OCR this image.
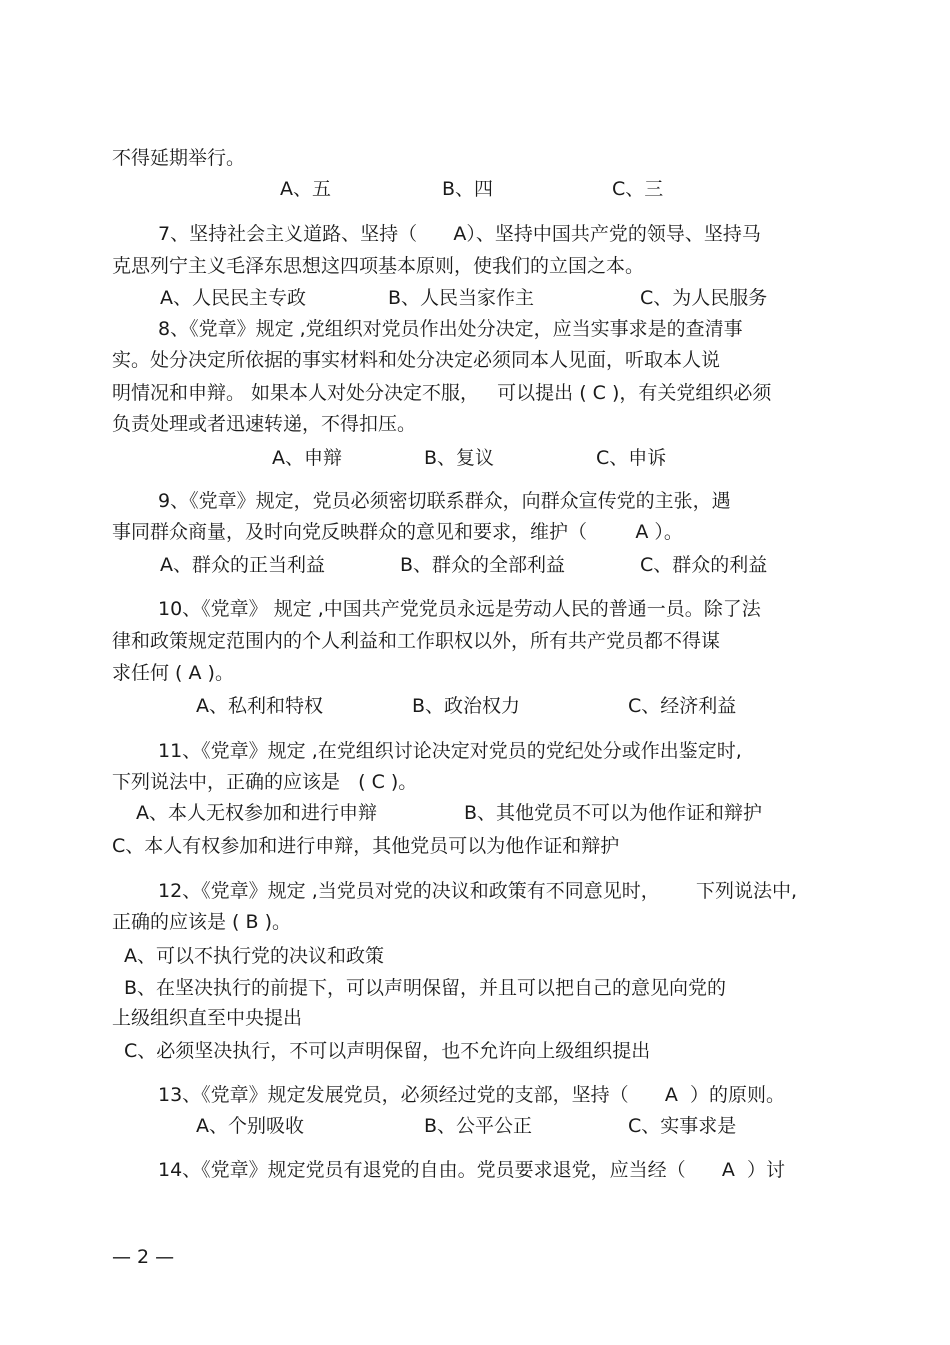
不得延期举行。
A、五	B、四	C、三
7、坚持社会主义道路、坚持（      A）、坚持中国共产党的领导、坚持马
克思列宁主义毛泽东思想这四项基本原则，使我们的立国之本。
A、人民民主专政	B、人民当家作主	C、为人民服务
8、《党章》规定 ,党组织对党员作出处分决定，应当实事求是的查清事
实。处分决定所依据的事实材料和处分决定必须同本人见面，听取本人说
明情况和申辩。 如果本人对处分决定不服，   可以提出 ( C )，有关党组织必须
负责处理或者迅速转递，不得扣压。
A、申辩	B、复议	C、申诉
9、《党章》规定，党员必须密切联系群众，向群众宣传党的主张，遇
事同群众商量，及时向党反映群众的意见和要求，维护（        A ）。
A、群众的正当利益	B、群众的全部利益	C、群众的利益
10、《党章》 规定 ,中国共产党党员永远是劳动人民的普通一员。除了法
律和政策规定范围内的个人利益和工作职权以外，所有共产党员都不得谋
求任何 ( A )。
A、私利和特权	B、政治权力	C、经济利益
11、《党章》规定 ,在党组织讨论决定对党员的党纪处分或作出鉴定时,
下列说法中，正确的应该是   ( C )。
A、本人无权参加和进行申辩	B、其他党员不可以为他作证和辩护
C、本人有权参加和进行申辩，其他党员可以为他作证和辩护
12、《党章》规定 ,当党员对党的决议和政策有不同意见时，      下列说法中,
正确的应该是 ( B )。
A、可以不执行党的决议和政策
B、在坚决执行的前提下，可以声明保留，并且可以把自己的意见向党的
上级组织直至中央提出
C、必须坚决执行，不可以声明保留，也不允许向上级组织提出
13、《党章》规定发展党员，必须经过党的支部，坚持（      A  ）的原则。
A、个别吸收	B、公平公正	C、实事求是
14、《党章》规定党员有退党的自由。党员要求退党，应当经（      A  ）讨
— 2 —
